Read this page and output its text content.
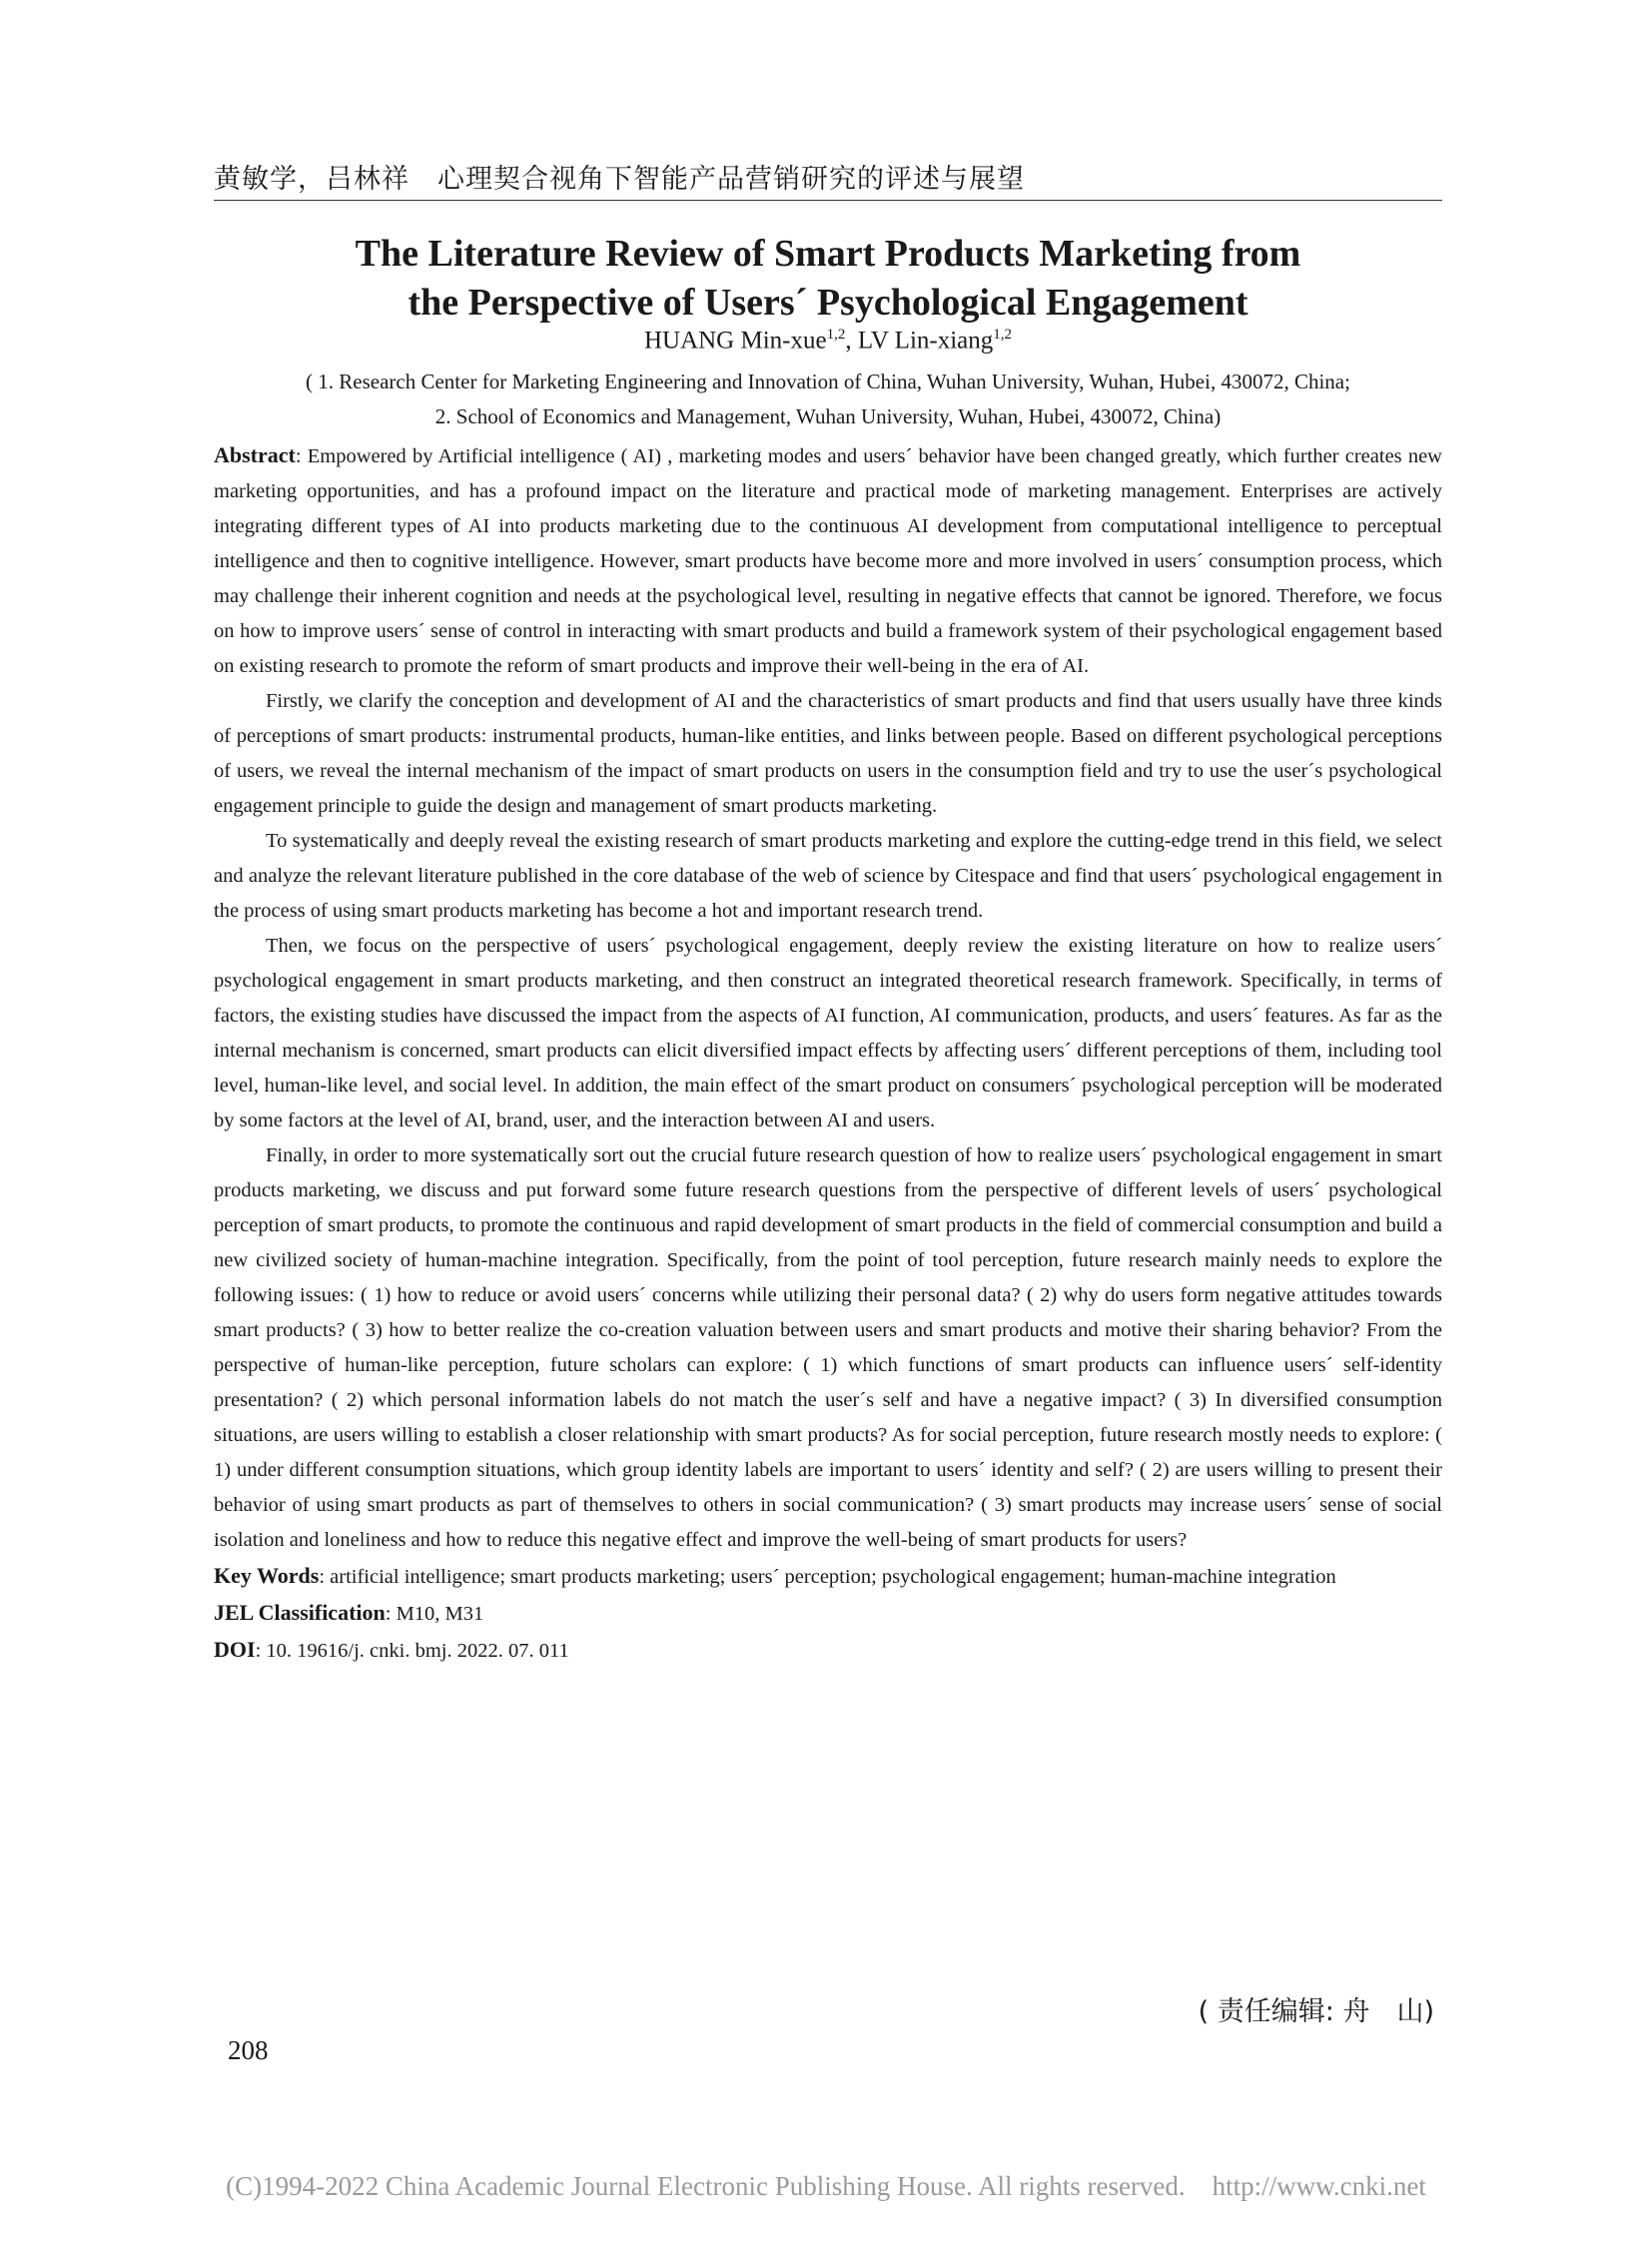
黄敏学，吕林祥　心理契合视角下智能产品营销研究的评述与展望
The Literature Review of Smart Products Marketing from
the Perspective of Users´ Psychological Engagement
HUANG Min-xue$^{1,2}$, LV Lin-xiang$^{1,2}$
( 1. Research Center for Marketing Engineering and Innovation of China, Wuhan University, Wuhan, Hubei, 430072, China;
2. School of Economics and Management, Wuhan University, Wuhan, Hubei, 430072, China)

Abstract: Empowered by Artificial intelligence ( AI) , marketing modes and users´ behavior have been changed greatly, which further creates new marketing opportunities, and has a profound impact on the literature and practical mode of marketing management. Enterprises are actively integrating different types of AI into products marketing due to the continuous AI development from computational intelligence to perceptual intelligence and then to cognitive intelligence. However, smart products have become more and more involved in users´ consumption process, which may challenge their inherent cognition and needs at the psychological level, resulting in negative effects that cannot be ignored. Therefore, we focus on how to improve users´ sense of control in interacting with smart products and build a framework system of their psychological engagement based on existing research to promote the reform of smart products and improve their well-being in the era of AI.

Firstly, we clarify the conception and development of AI and the characteristics of smart products and find that users usually have three kinds of perceptions of smart products: instrumental products, human-like entities, and links between people. Based on different psychological perceptions of users, we reveal the internal mechanism of the impact of smart products on users in the consumption field and try to use the user´s psychological engagement principle to guide the design and management of smart products marketing.

To systematically and deeply reveal the existing research of smart products marketing and explore the cutting-edge trend in this field, we select and analyze the relevant literature published in the core database of the web of science by Citespace and find that users´ psychological engagement in the process of using smart products marketing has become a hot and important research trend.

Then, we focus on the perspective of users´ psychological engagement, deeply review the existing literature on how to realize users´ psychological engagement in smart products marketing, and then construct an integrated theoretical research framework. Specifically, in terms of factors, the existing studies have discussed the impact from the aspects of AI function, AI communication, products, and users´ features. As far as the internal mechanism is concerned, smart products can elicit diversified impact effects by affecting users´ different perceptions of them, including tool level, human-like level, and social level. In addition, the main effect of the smart product on consumers´ psychological perception will be moderated by some factors at the level of AI, brand, user, and the interaction between AI and users.

Finally, in order to more systematically sort out the crucial future research question of how to realize users´ psychological engagement in smart products marketing, we discuss and put forward some future research questions from the perspective of different levels of users´ psychological perception of smart products, to promote the continuous and rapid development of smart products in the field of commercial consumption and build a new civilized society of human-machine integration. Specifically, from the point of tool perception, future research mainly needs to explore the following issues: ( 1) how to reduce or avoid users´ concerns while utilizing their personal data? ( 2) why do users form negative attitudes towards smart products? ( 3) how to better realize the co-creation valuation between users and smart products and motive their sharing behavior? From the perspective of human-like perception, future scholars can explore: ( 1) which functions of smart products can influence users´ self-identity presentation? ( 2) which personal information labels do not match the user´s self and have a negative impact? ( 3) In diversified consumption situations, are users willing to establish a closer relationship with smart products? As for social perception, future research mostly needs to explore: ( 1) under different consumption situations, which group identity labels are important to users´ identity and self? ( 2) are users willing to present their behavior of using smart products as part of themselves to others in social communication? ( 3) smart products may increase users´ sense of social isolation and loneliness and how to reduce this negative effect and improve the well-being of smart products for users?

Key Words: artificial intelligence; smart products marketing; users´ perception; psychological engagement; human-machine integration

JEL Classification: M10, M31

DOI: 10. 19616/j. cnki. bmj. 2022. 07. 011

( 责任编辑: 舟　山)
208
(C)1994-2022 China Academic Journal Electronic Publishing House. All rights reserved.    http://www.cnki.net
